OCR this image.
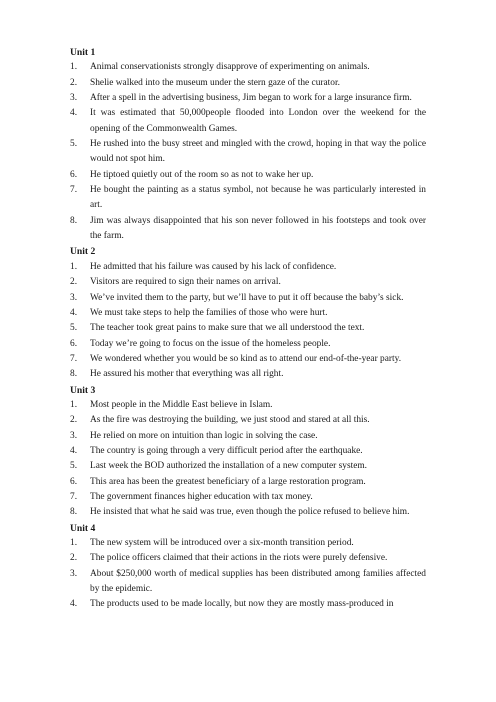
Unit 1
1. Animal conservationists strongly disapprove of experimenting on animals.
2. Shelie walked into the museum under the stern gaze of the curator.
3. After a spell in the advertising business, Jim began to work for a large insurance firm.
4. It was estimated that 50,000people flooded into London over the weekend for the opening of the Commonwealth Games.
5. He rushed into the busy street and mingled with the crowd, hoping in that way the police would not spot him.
6. He tiptoed quietly out of the room so as not to wake her up.
7. He bought the painting as a status symbol, not because he was particularly interested in art.
8. Jim was always disappointed that his son never followed in his footsteps and took over the farm.
Unit 2
1. He admitted that his failure was caused by his lack of confidence.
2. Visitors are required to sign their names on arrival.
3. We’ve invited them to the party, but we’ll have to put it off because the baby’s sick.
4. We must take steps to help the families of those who were hurt.
5. The teacher took great pains to make sure that we all understood the text.
6. Today we’re going to focus on the issue of the homeless people.
7. We wondered whether you would be so kind as to attend our end-of-the-year party.
8. He assured his mother that everything was all right.
Unit 3
1. Most people in the Middle East believe in Islam.
2. As the fire was destroying the building, we just stood and stared at all this.
3. He relied on more on intuition than logic in solving the case.
4. The country is going through a very difficult period after the earthquake.
5. Last week the BOD authorized the installation of a new computer system.
6. This area has been the greatest beneficiary of a large restoration program.
7. The government finances higher education with tax money.
8. He insisted that what he said was true, even though the police refused to believe him.
Unit 4
1. The new system will be introduced over a six-month transition period.
2. The police officers claimed that their actions in the riots were purely defensive.
3. About $250,000 worth of medical supplies has been distributed among families affected by the epidemic.
4. The products used to be made locally, but now they are mostly mass-produced in
